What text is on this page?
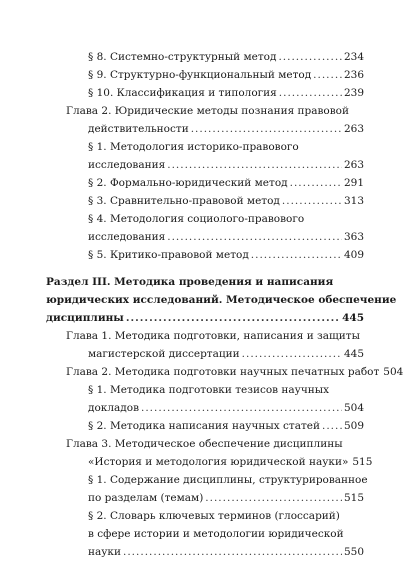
§ 8. Системно-структурный метод .....	234
§ 9. Структурно-функциональный метод .....	236
§ 10. Классификация и типология .....	239
Глава 2. Юридические методы познания правовой
действительности .....	263
§ 1. Методология историко-правового
исследования .....	263
§ 2. Формально-юридический метод .....	291
§ 3. Сравнительно-правовой метод .....	313
§ 4. Методология социолого-правового
исследования .....	363
§ 5. Критико-правовой метод .....	409
Раздел III. Методика проведения и написания
юридических исследований. Методическое обеспечение
дисциплины .....	445
Глава 1. Методика подготовки, написания и защиты
магистерской диссертации .....	445
Глава 2. Методика подготовки научных печатных работ 504
§ 1. Методика подготовки тезисов научных
докладов .....	504
§ 2. Методика написания научных статей ..... 509
Глава 3. Методическое обеспечение дисциплины
«История и методология юридической науки» 515
§ 1. Содержание дисциплины, структурированное
по разделам (темам) .....	515
§ 2. Словарь ключевых терминов (глоссарий)
в сфере истории и методологии юридической
науки .....	550
